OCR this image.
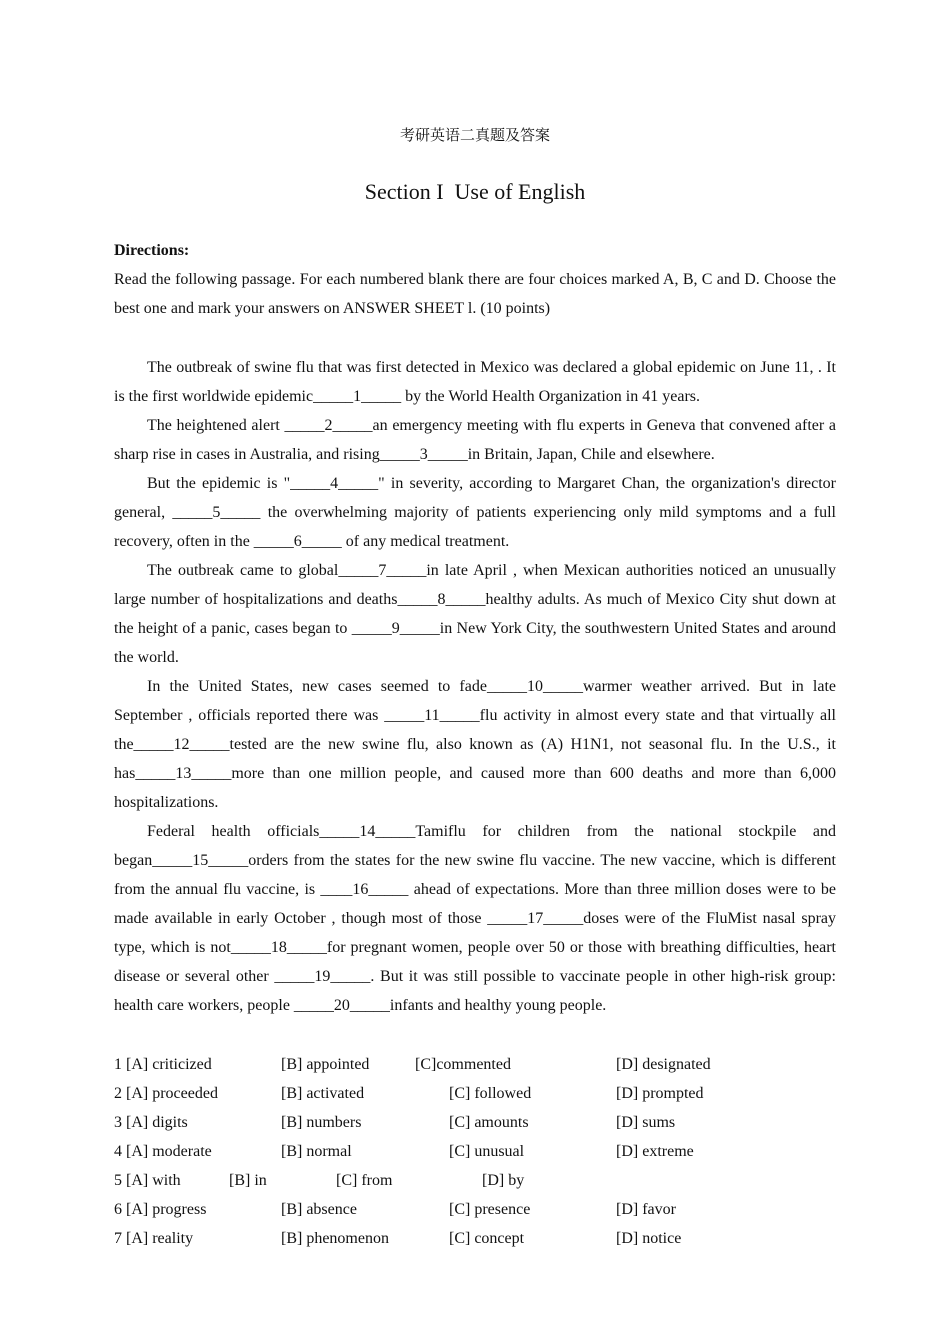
考研英语二真题及答案
Section I  Use of English
Directions:
Read the following passage. For each numbered blank there are four choices marked A, B, C and D. Choose the best one and mark your answers on ANSWER SHEET l. (10 points)

The outbreak of swine flu that was first detected in Mexico was declared a global epidemic on June 11, . It is the first worldwide epidemic_____1_____ by the World Health Organization in 41 years.

The heightened alert _____2_____an emergency meeting with flu experts in Geneva that convened after a sharp rise in cases in Australia, and rising_____3_____in Britain, Japan, Chile and elsewhere.

But the epidemic is "_____4_____" in severity, according to Margaret Chan, the organization's director general, _____5_____ the overwhelming majority of patients experiencing only mild symptoms and a full recovery, often in the _____6_____ of any medical treatment.

The outbreak came to global_____7_____in late April , when Mexican authorities noticed an unusually large number of hospitalizations and deaths_____8_____healthy adults. As much of Mexico City shut down at the height of a panic, cases began to _____9_____in New York City, the southwestern United States and around the world.

In the United States, new cases seemed to fade_____10_____warmer weather arrived. But in late September , officials reported there was _____11_____flu activity in almost every state and that virtually all the_____12_____tested are the new swine flu, also known as (A) H1N1, not seasonal flu. In the U.S., it has_____13_____more than one million people, and caused more than 600 deaths and more than 6,000 hospitalizations.

Federal health officials_____14_____Tamiflu for children from the national stockpile and began_____15_____orders from the states for the new swine flu vaccine. The new vaccine, which is different from the annual flu vaccine, is ____16_____ ahead of expectations. More than three million doses were to be made available in early October , though most of those _____17_____doses were of the FluMist nasal spray type, which is not_____18_____for pregnant women, people over 50 or those with breathing difficulties, heart disease or several other _____19_____. But it was still possible to vaccinate people in other high-risk group: health care workers, people _____20_____infants and healthy young people.

1 [A] criticized	[B] appointed	[C]commented	[D] designated
2 [A] proceeded	[B] activated	[C] followed	[D] prompted
3 [A] digits	[B] numbers	[C] amounts	[D] sums
4 [A] moderate	[B] normal	[C] unusual	[D] extreme
5 [A] with	[B] in	[C] from	[D] by
6 [A] progress	[B] absence	[C] presence	[D] favor
7 [A] reality	[B] phenomenon	[C] concept	[D] notice
